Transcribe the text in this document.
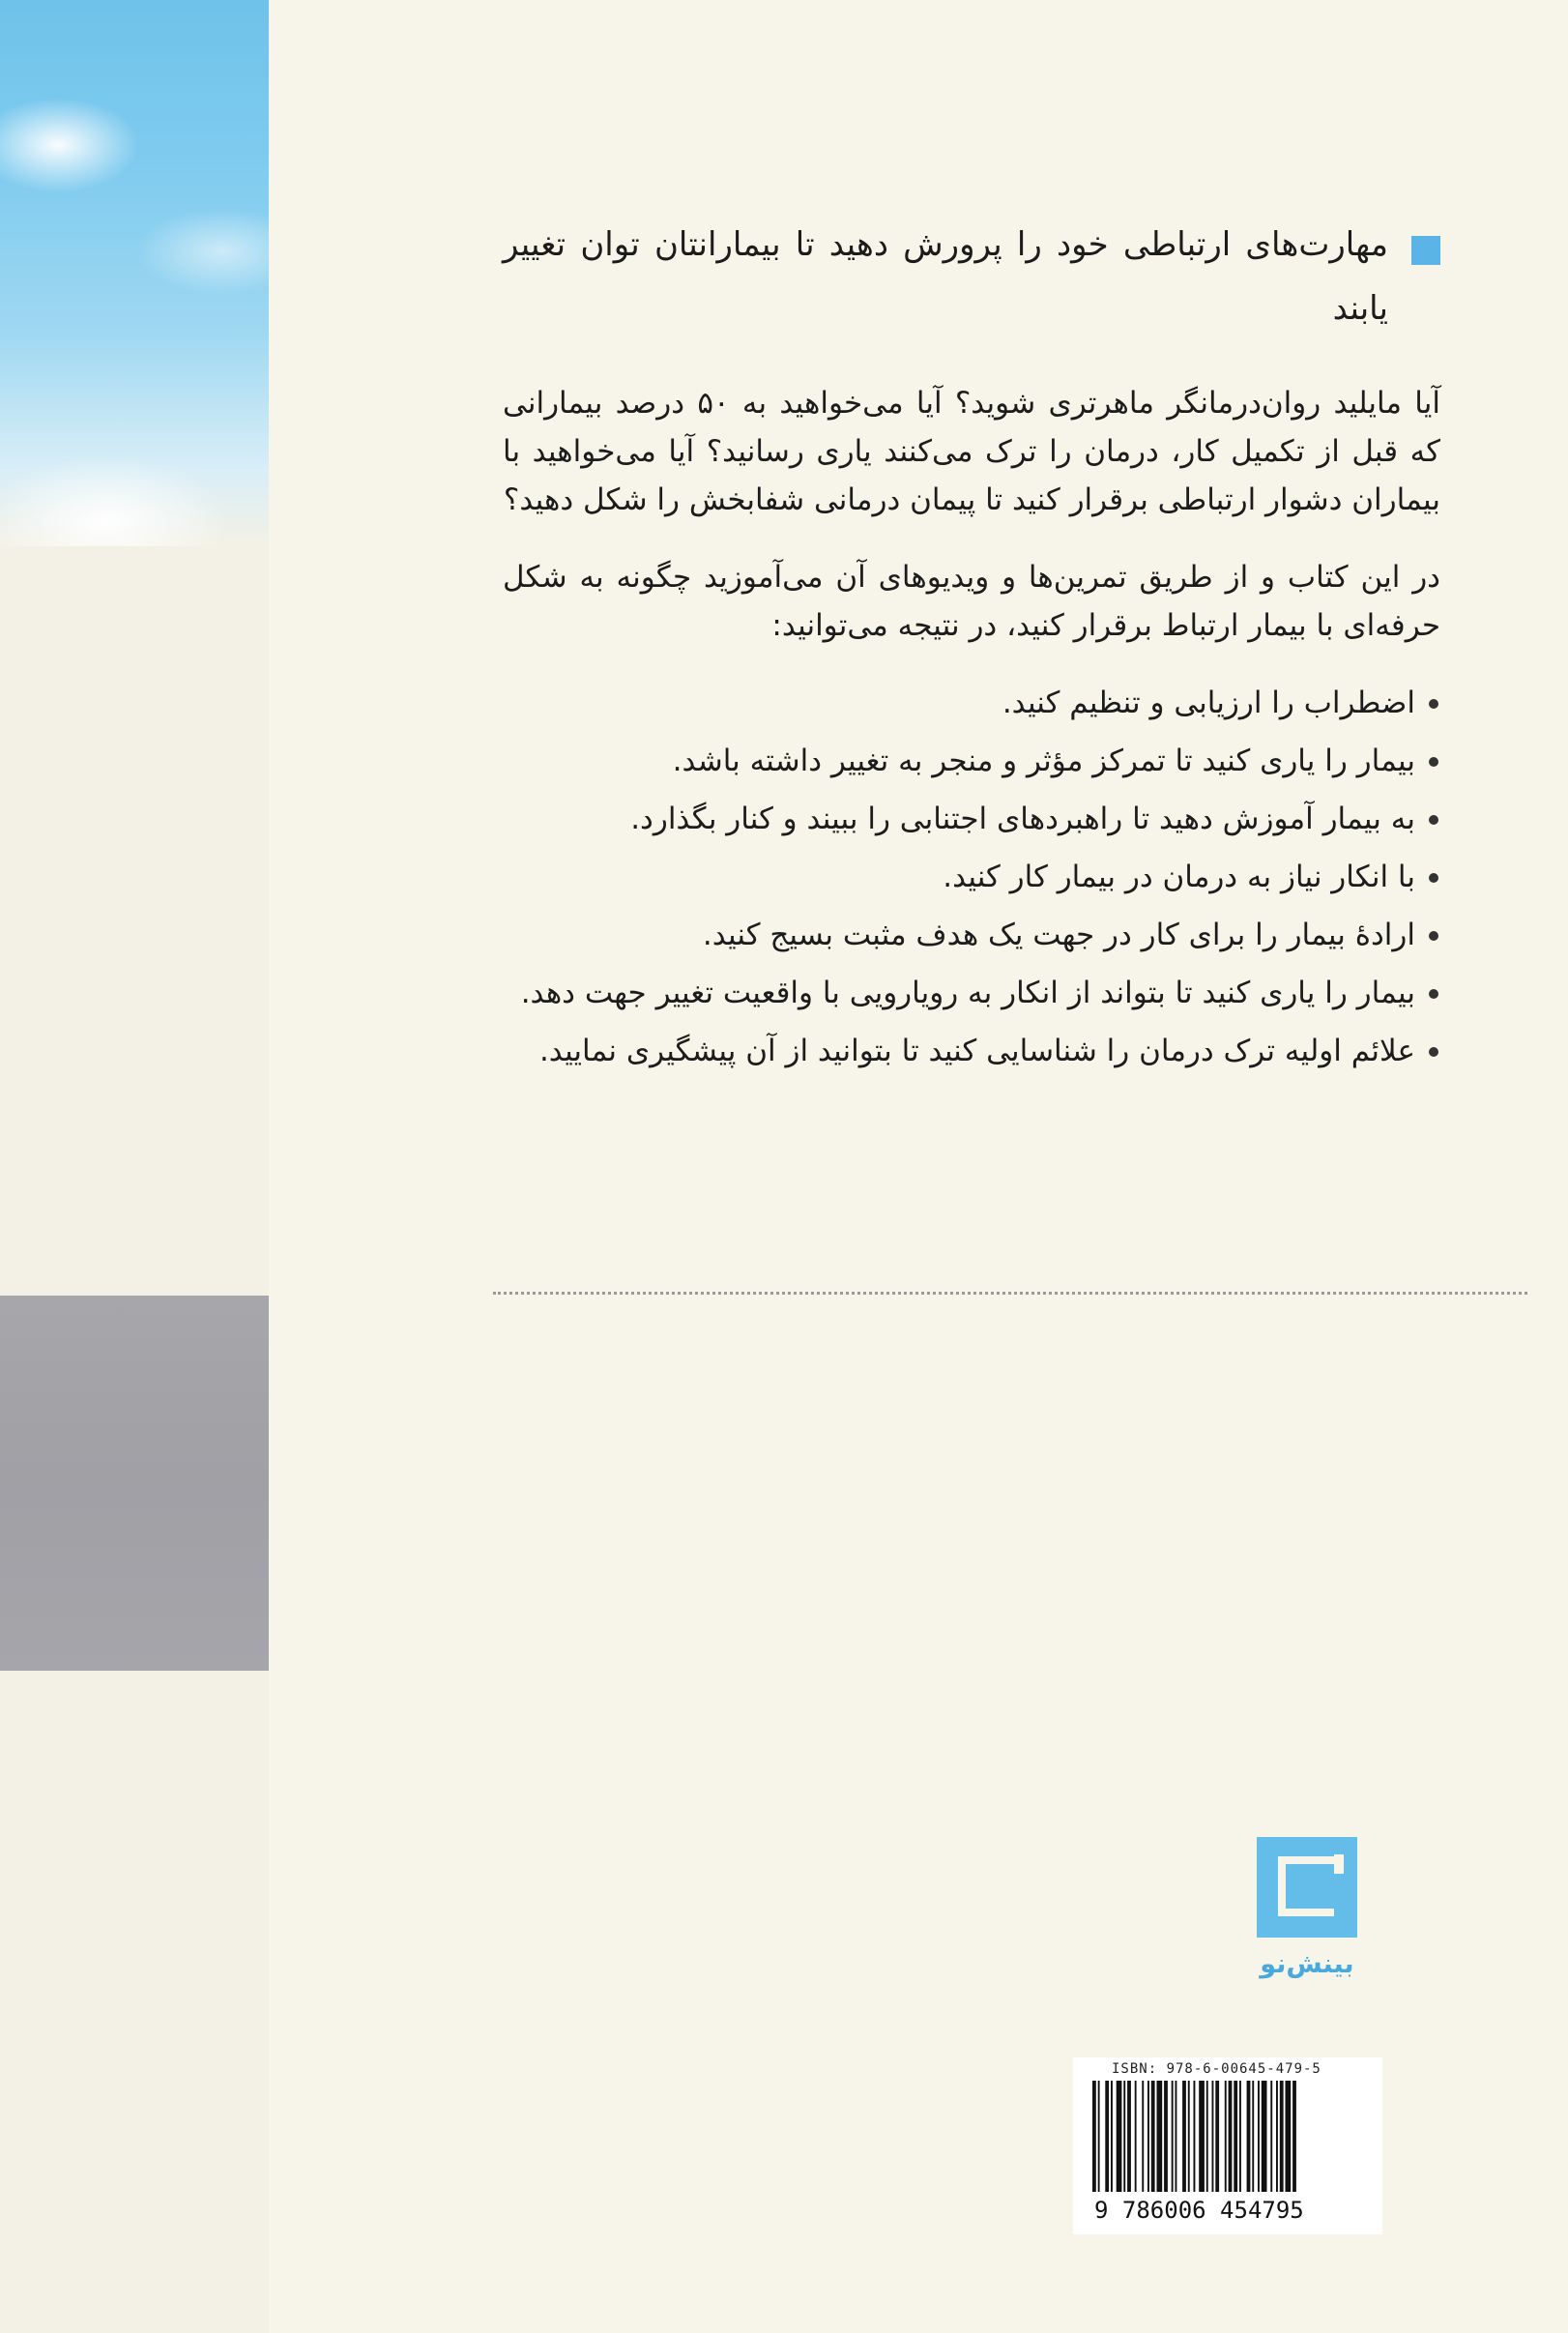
مهارت‌های ارتباطی خود را پرورش دهید تا بیمارانتان توان تغییر یابند

آیا مایلید روان‌درمانگر ماهرتری شوید؟ آیا می‌خواهید به ۵۰ درصد بیمارانی که قبل از تکمیل کار، درمان را ترک می‌کنند یاری رسانید؟ آیا می‌خواهید با بیماران دشوار ارتباطی برقرار کنید تا پیمان درمانی شفابخش را شکل دهید؟

در این کتاب و از طریق تمرین‌ها و ویدیوهای آن می‌آموزید چگونه به شکل حرفه‌ای با بیمار ارتباط برقرار کنید، در نتیجه می‌توانید:

اضطراب را ارزیابی و تنظیم کنید.
بیمار را یاری کنید تا تمرکز مؤثر و منجر به تغییر داشته باشد.
به بیمار آموزش دهید تا راهبردهای اجتنابی را ببیند و کنار بگذارد.
با انکار نیاز به درمان در بیمار کار کنید.
ارادهٔ بیمار را برای کار در جهت یک هدف مثبت بسیج کنید.
بیمار را یاری کنید تا بتواند از انکار به رویارویی با واقعیت تغییر جهت دهد.
علائم اولیه ترک درمان را شناسایی کنید تا بتوانید از آن پیشگیری نمایید.
بینش‌نو
ISBN: 978-6-00645-479-5
9 786006 454795
